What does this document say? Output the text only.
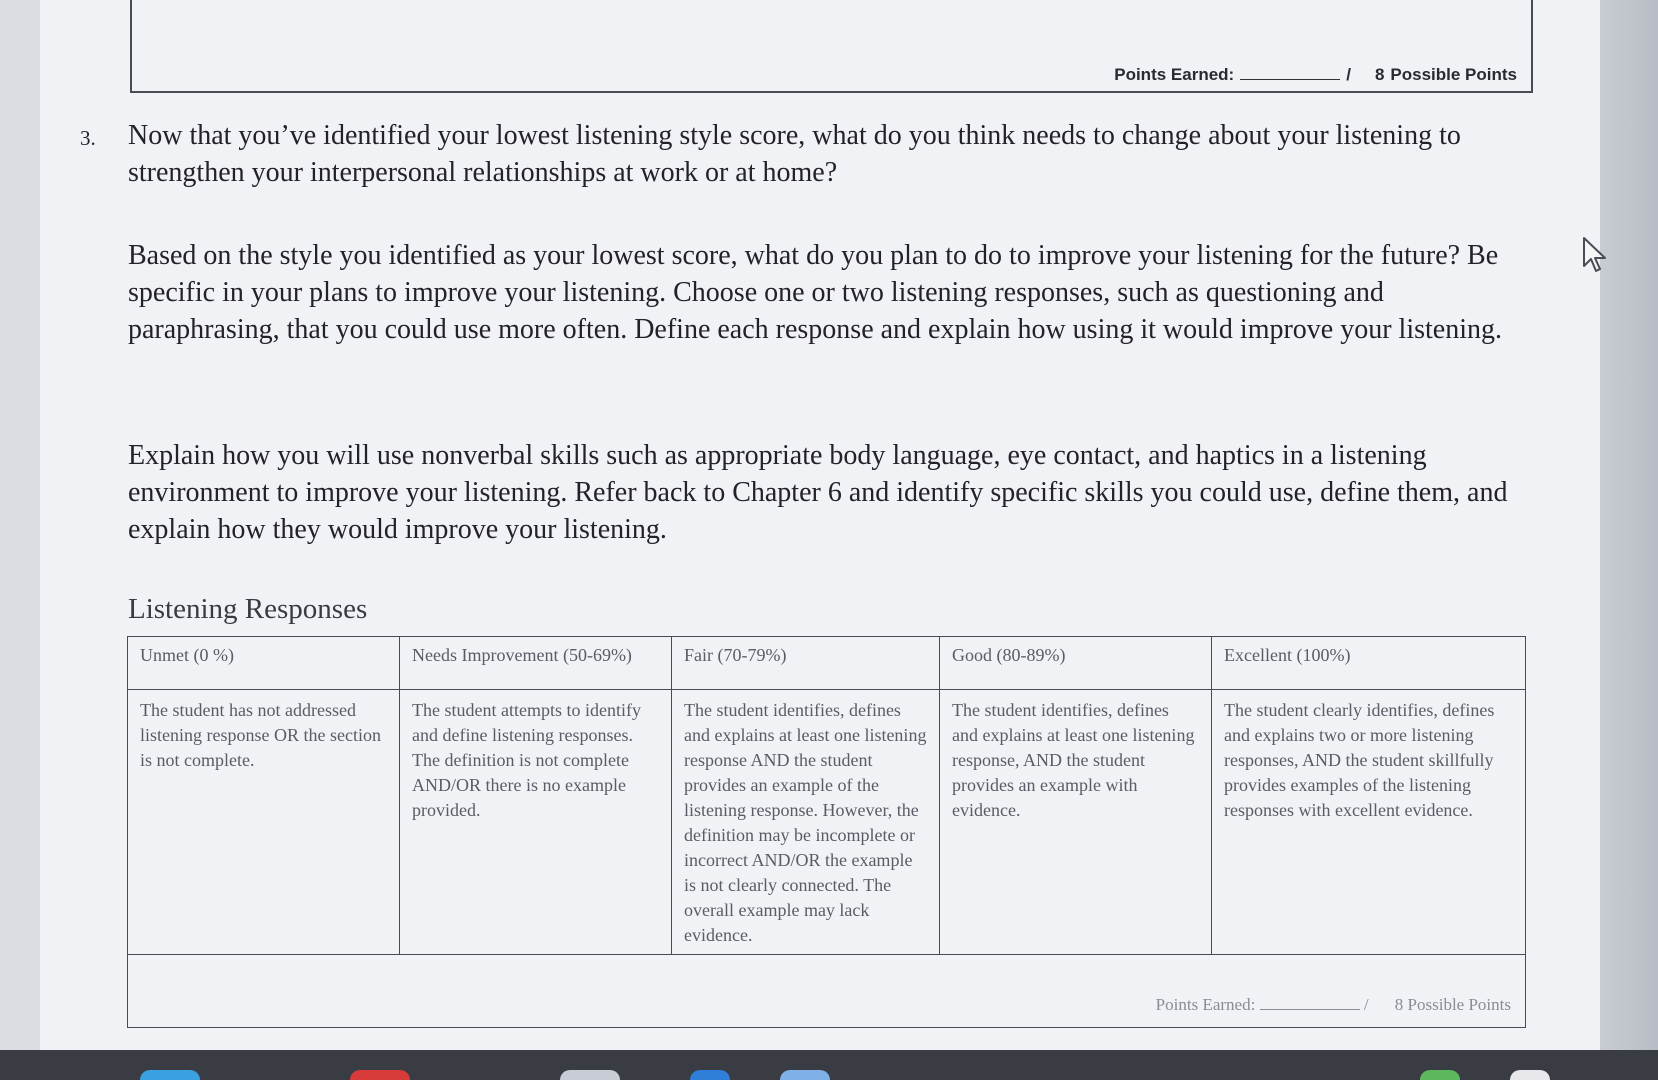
Points Earned:	/ 8 Possible Points
3. Now that you’ve identified your lowest listening style score, what do you think needs to change about your listening to strengthen your interpersonal relationships at work or at home?
Based on the style you identified as your lowest score, what do you plan to do to improve your listening for the future? Be specific in your plans to improve your listening. Choose one or two listening responses, such as questioning and paraphrasing, that you could use more often. Define each response and explain how using it would improve your listening.
Explain how you will use nonverbal skills such as appropriate body language, eye contact, and haptics in a listening environment to improve your listening. Refer back to Chapter 6 and identify specific skills you could use, define them, and explain how they would improve your listening.
Listening Responses
Unmet (0 %)	Needs Improvement (50-69%)	Fair (70-79%)	Good (80-89%)	Excellent (100%)
The student has not addressed listening response OR the section is not complete.	The student attempts to identify and define listening responses. The definition is not complete AND/OR there is no example provided.	The student identifies, defines and explains at least one listening response AND the student provides an example of the listening response. However, the definition may be incomplete or incorrect AND/OR the example is not clearly connected. The overall example may lack evidence.	The student identifies, defines and explains at least one listening response, AND the student provides an example with evidence.	The student clearly identifies, defines and explains two or more listening responses, AND the student skillfully provides examples of the listening responses with excellent evidence.

Points Earned: / 8 Possible Points				
